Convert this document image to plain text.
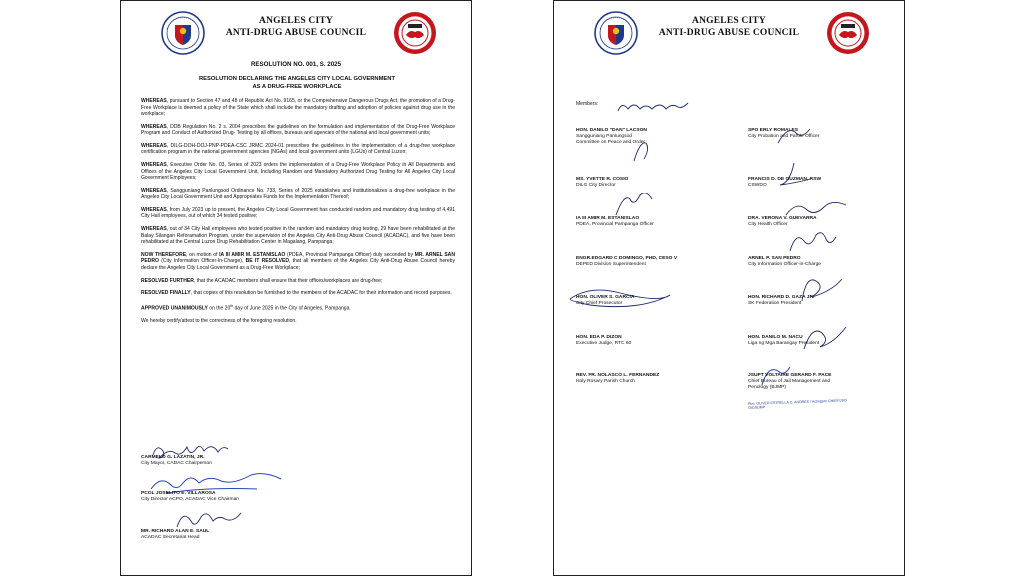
ANGELES CITY
ANTI-DRUG ABUSE COUNCIL
RESOLUTION NO. 001, S. 2025
RESOLUTION DECLARING THE ANGELES CITY LOCAL GOVERNMENT
AS A DRUG-FREE WORKPLACE

WHEREAS, pursuant to Section 47 and 48 of Republic Act No. 9165, or the Comprehensive Dangerous Drugs Act, the promotion of a Drug-Free Workplace is deemed a policy of the State which shall include the mandatory drafting and adoption of policies against drug use in the workplace;

WHEREAS, DDB Regulation No. 2 s. 2004 prescribes the guidelines on the formulation and implementation of the Drug-Free Workplace Program and Conduct of Authorized Drug- Testing by all offices, bureaus and agencies of the national and local government units;

WHEREAS, DILG-DOH-DOJ-PNP-PDEA-CSC JRMC 2024-01 prescribes the guidelines in the implementation of a drug-free workplace certification program in the national government agencies (NGAs) and local government units (LGUs) of Central Luzon;

WHEREAS, Executive Order No. 03, Series of 2023 orders the implementation of a Drug-Free Workplace Policy in All Departments and Offices of the Angeles City Local Government Unit, Including Random and Mandatory Authorized Drug Testing for All Angeles City Local Government Employees;

WHEREAS, Sangguniang Panlungsod Ordinance No. 733, Series of 2025 establishes and institutionalizes a drug-free workplace in the Angeles City Local Government Unit and Appropriates Funds for the Implementation Thereof;

WHEREAS, from July 2023 up to present, the Angeles City Local Government has conducted random and mandatory drug testing of 4,491 City Hall employees, out of which 34 tested positive;

WHEREAS, out of 34 City Hall employees who tested positive in the random and mandatory drug testing, 29 have been rehabilitated at the Balay Silangan Reforamation Program, under the supervision of the Angeles City Anti-Drug Abuse Council (ACADAC), and five have been rehabilitated at the Central Luzon Drug Rehabilitation Center in Magalang, Pampanga;

NOW THEREFORE, on motion of IA III AMIR M. ESTANISLAO (PDEA, Provincial Pampanga Officer) duly seconded by MR. ARNEL SAN PEDRO (City Information Officer-In-Charge), BE IT RESOLVED, that all members of the Angeles City Anti-Drug Abuse Council hereby declare the Angeles City Local Government as a Drug-Free Workplace;

RESOLVED FURTHER, that the ACADAC members shall ensure that their offices/workplaces are drug-free;

RESOLVED FINALLY, that copies of this resolution be furnished to the members of the ACADAC for their information and record purposes.

APPROVED UNANIMOUSLY on the 20th day of June 2025 in the City of Angeles, Pampanga.

We hereby certify/attest to the correctness of the foregoing resolution.

CARMELO G. LAZATIN, JR.
City Mayor, CADAC Chairperson
PCOL JOSELITO E. VILLAROSA
City Director ACPO, ACADAC Vice Chairman
MR. RICHARD ALAN E. SAUL
ACADAC Secretariat Head
ANGELES CITY
ANTI-DRUG ABUSE COUNCIL
Members:
HON. DANILO "DAN" LACSON
Sangguniang Panlungsod
Committee on Peace and Order
MS. YVETTE R. COSIO
DILG City Director
IA III AMIR M. ESTANISLAO
PDEA, Provincial Pampanga Officer
ENGR.EDGARD C DOMINGO, PHD, CESO V
DEPED Division Superintendent
HON. OLIVER S. GARCIA
City Chief Prosecutor
HON. EDA P. DIZON
Executive Judge, RTC 60
REV. FR. NOLASCO L. FERNANDEZ
Holy Rosary Parish Church
SPO ERLY ROMALES
City Probation and Parole Officer
FRANCIS D. DE GUZMAN, RSW
CSWDO
DRA. VERONA V. GUEVARRA
City Health Officer
ARNEL P. SAN PEDRO
City Information Officer-in-Charge
HON. RICHARD D. GAZA JR.
SK Federation President
HON. DANILO M. NACU
Liga ng Mga Barangay President
JSUPT VOLTAIRE GERARD F. PACE
Chief Bureau of Jail Management and
Penology (BJMP)
Pbo. OLIVER ESTRELLA C. ANDRES / Actingarn CHIEF/JSO OIC/BJMP
